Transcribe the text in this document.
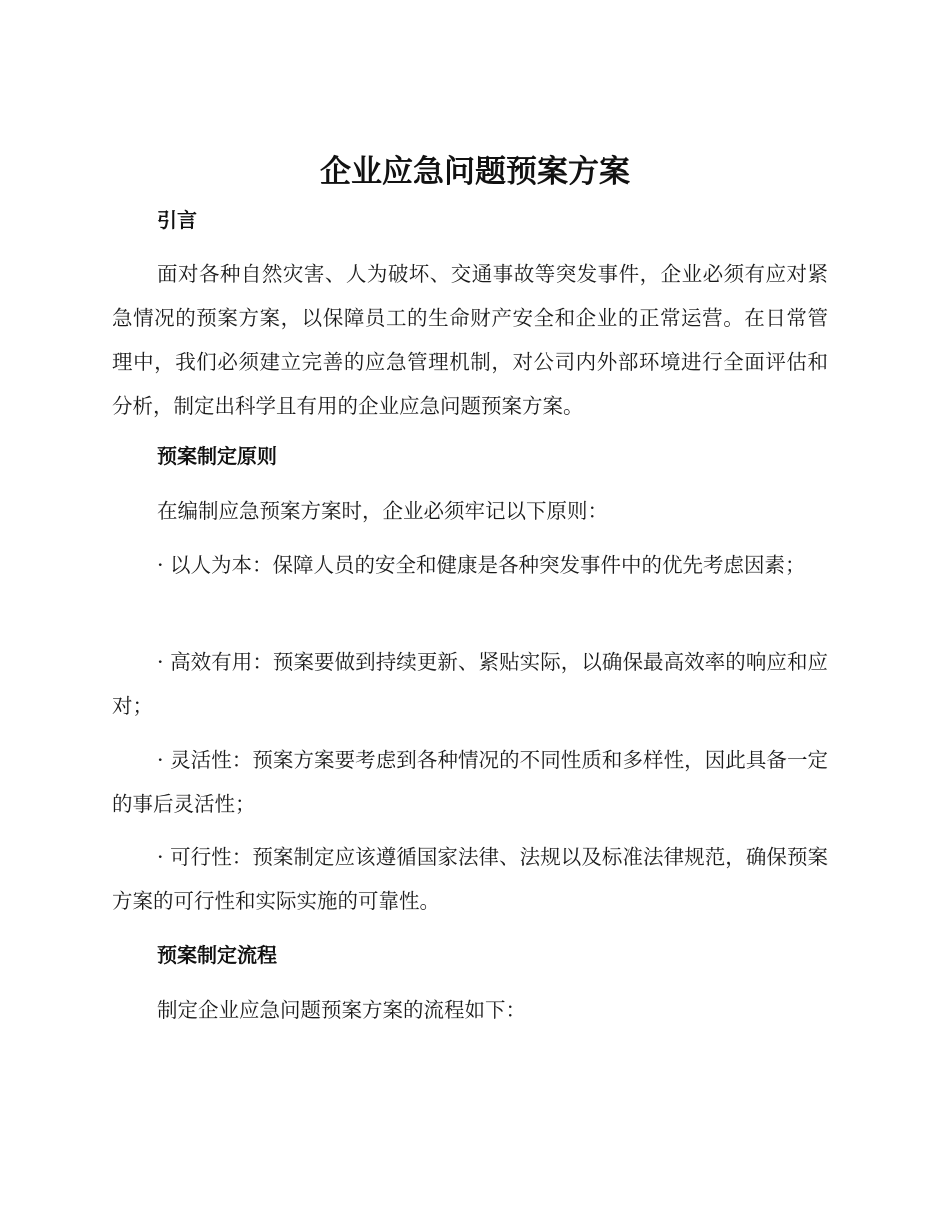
企业应急问题预案方案
引言
面对各种自然灾害、人为破坏、交通事故等突发事件，企业必须有应对紧急情况的预案方案，以保障员工的生命财产安全和企业的正常运营。在日常管理中，我们必须建立完善的应急管理机制，对公司内外部环境进行全面评估和分析，制定出科学且有用的企业应急问题预案方案。
预案制定原则
在编制应急预案方案时，企业必须牢记以下原则：
· 以人为本：保障人员的安全和健康是各种突发事件中的优先考虑因素；
· 高效有用：预案要做到持续更新、紧贴实际，以确保最高效率的响应和应对；
· 灵活性：预案方案要考虑到各种情况的不同性质和多样性，因此具备一定的事后灵活性；
· 可行性：预案制定应该遵循国家法律、法规以及标准法律规范，确保预案方案的可行性和实际实施的可靠性。
预案制定流程
制定企业应急问题预案方案的流程如下：
